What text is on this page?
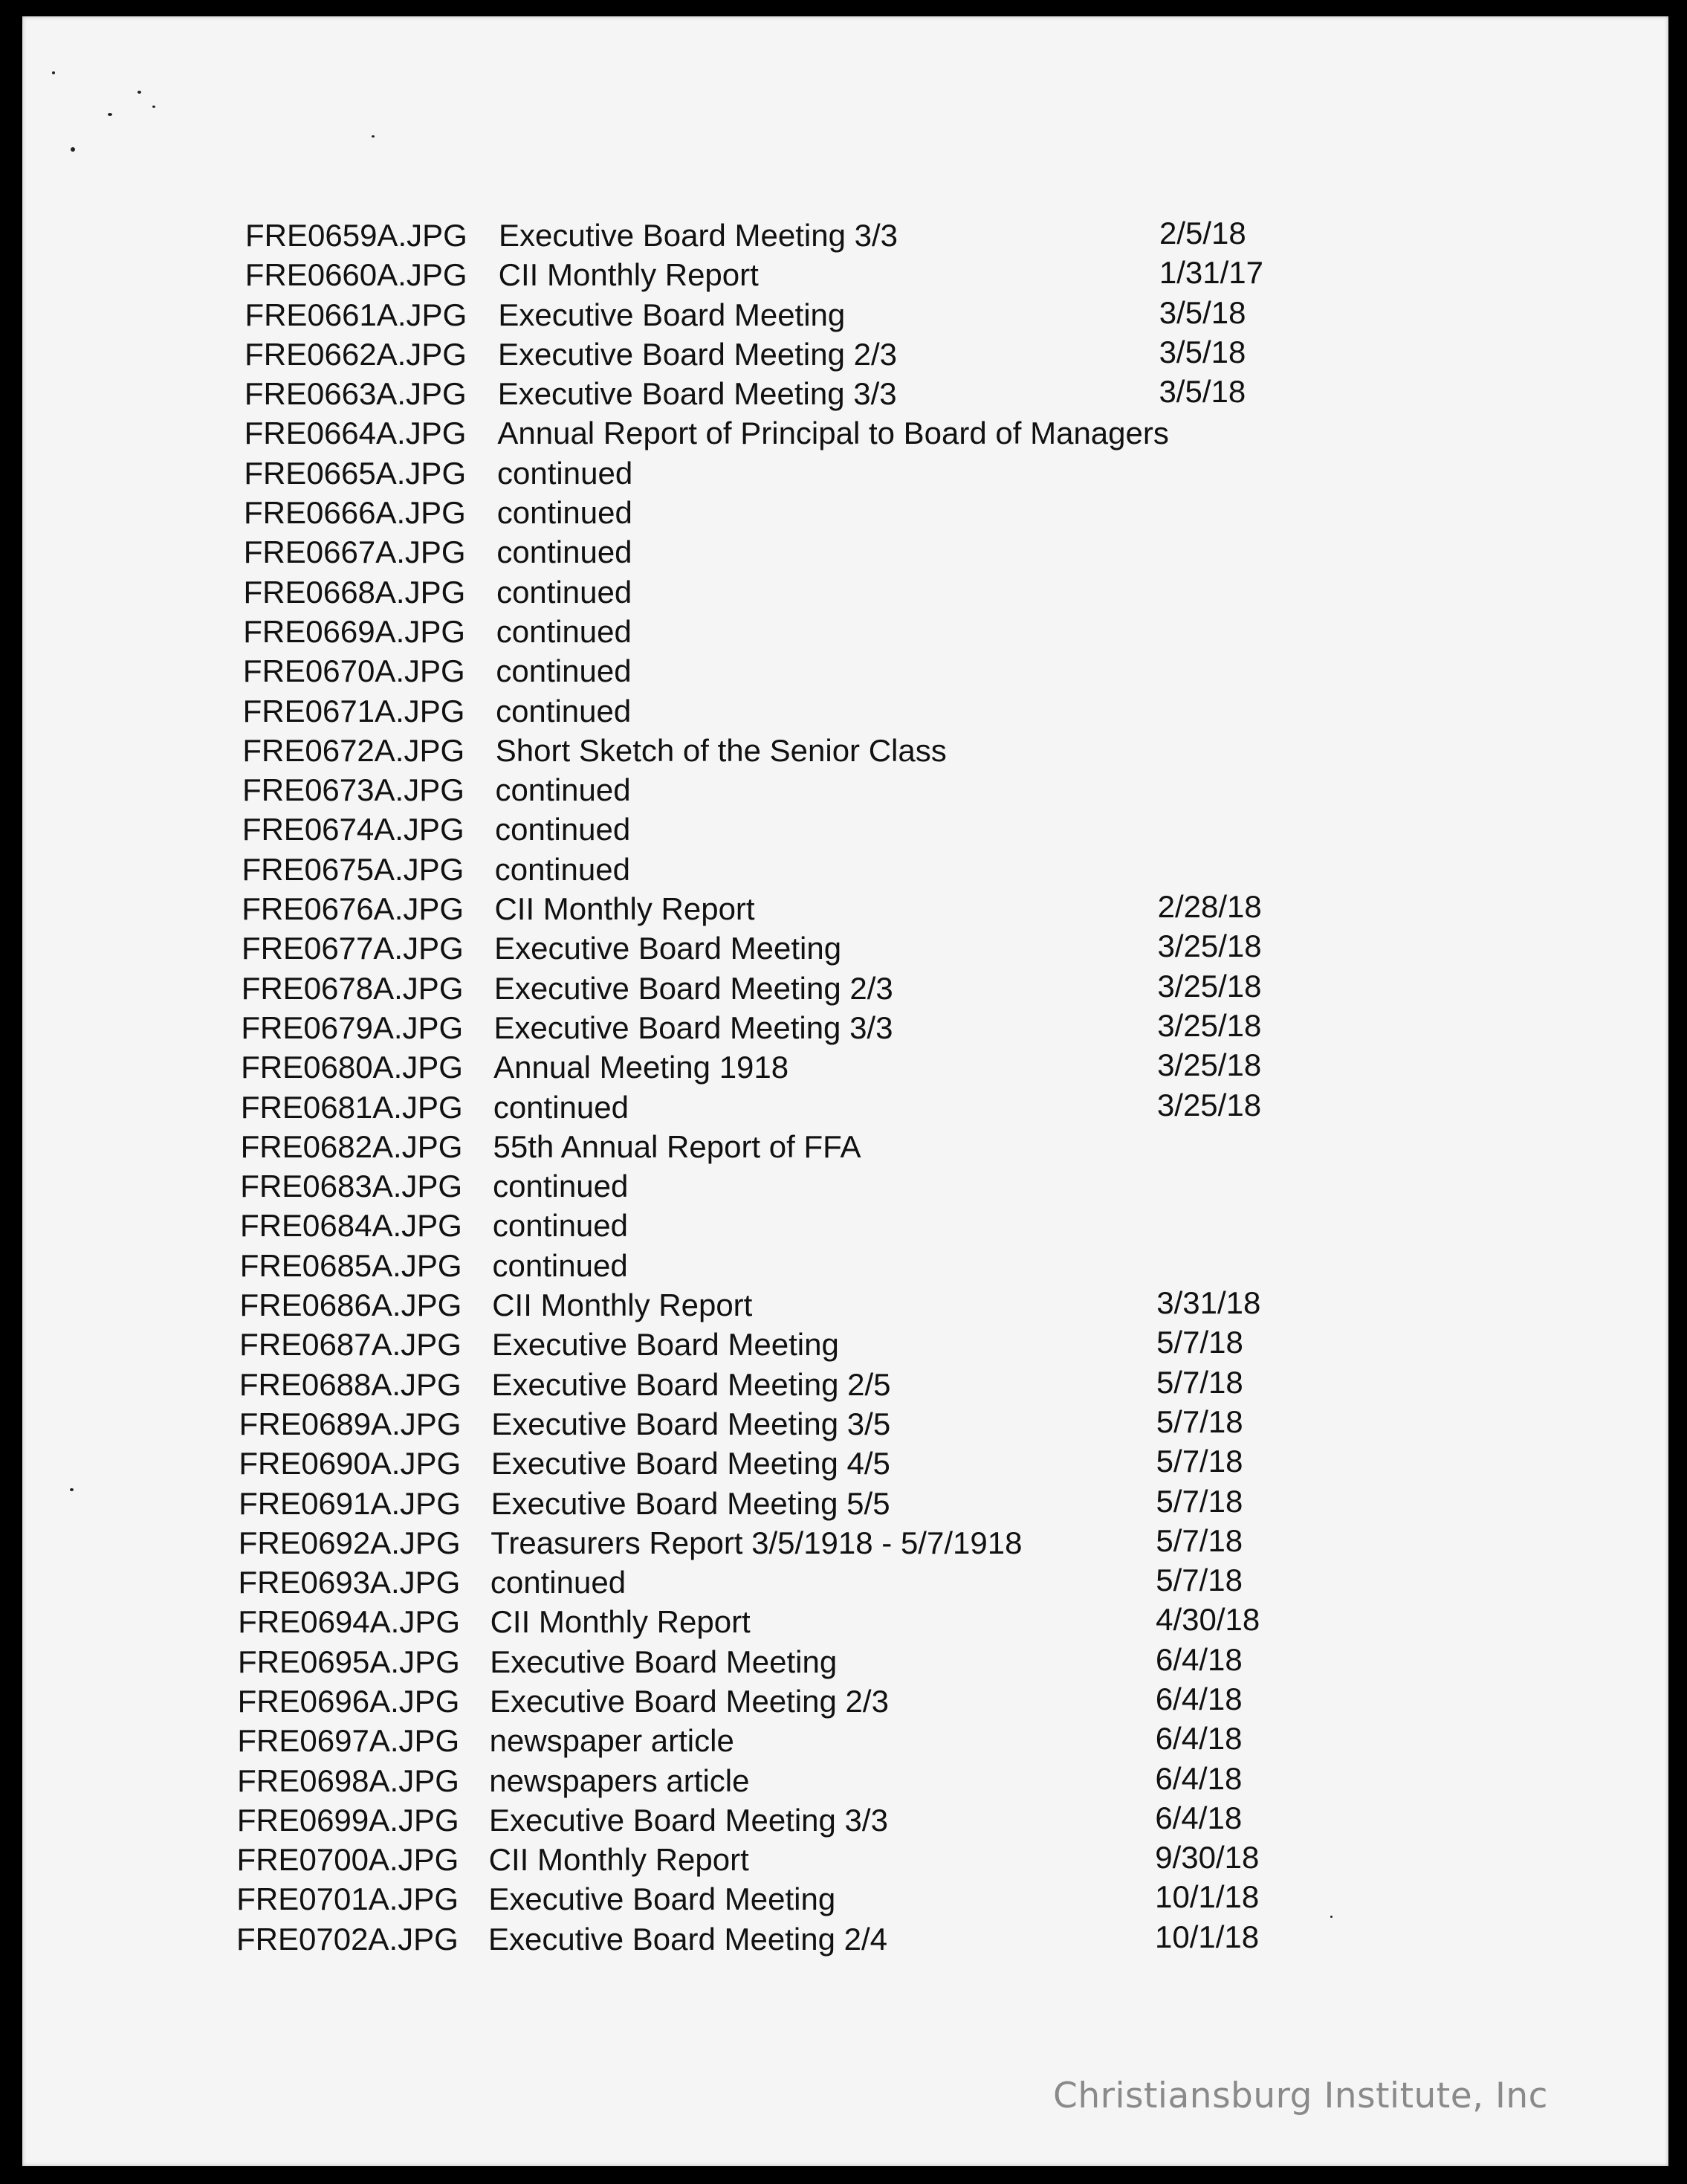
FRE0659A.JPG Executive Board Meeting 3/3	2/5/18
FRE0660A.JPG CII Monthly Report	1/31/17
FRE0661A.JPG Executive Board Meeting	3/5/18
FRE0662A.JPG Executive Board Meeting 2/3	3/5/18
FRE0663A.JPG Executive Board Meeting 3/3	3/5/18
FRE0664A.JPG Annual Report of Principal to Board of Managers
FRE0665A.JPG continued
FRE0666A.JPG continued
FRE0667A.JPG continued
FRE0668A.JPG continued
FRE0669A.JPG continued
FRE0670A.JPG continued
FRE0671A.JPG continued
FRE0672A.JPG Short Sketch of the Senior Class
FRE0673A.JPG continued
FRE0674A.JPG continued
FRE0675A.JPG continued
FRE0676A.JPG CII Monthly Report	2/28/18
FRE0677A.JPG Executive Board Meeting	3/25/18
FRE0678A.JPG Executive Board Meeting 2/3	3/25/18
FRE0679A.JPG Executive Board Meeting 3/3	3/25/18
FRE0680A.JPG Annual Meeting 1918	3/25/18
FRE0681A.JPG continued	3/25/18
FRE0682A.JPG 55th Annual Report of FFA
FRE0683A.JPG continued
FRE0684A.JPG continued
FRE0685A.JPG continued
FRE0686A.JPG CII Monthly Report	3/31/18
FRE0687A.JPG Executive Board Meeting	5/7/18
FRE0688A.JPG Executive Board Meeting 2/5	5/7/18
FRE0689A.JPG Executive Board Meeting 3/5	5/7/18
FRE0690A.JPG Executive Board Meeting 4/5	5/7/18
FRE0691A.JPG Executive Board Meeting 5/5	5/7/18
FRE0692A.JPG Treasurers Report 3/5/1918 - 5/7/1918	5/7/18
FRE0693A.JPG continued	5/7/18
FRE0694A.JPG CII Monthly Report	4/30/18
FRE0695A.JPG Executive Board Meeting	6/4/18
FRE0696A.JPG Executive Board Meeting 2/3	6/4/18
FRE0697A.JPG newspaper article	6/4/18
FRE0698A.JPG newspapers article	6/4/18
FRE0699A.JPG Executive Board Meeting 3/3	6/4/18
FRE0700A.JPG CII Monthly Report	9/30/18
FRE0701A.JPG Executive Board Meeting	10/1/18
FRE0702A.JPG Executive Board Meeting 2/4	10/1/18
Christiansburg Institute, Inc
